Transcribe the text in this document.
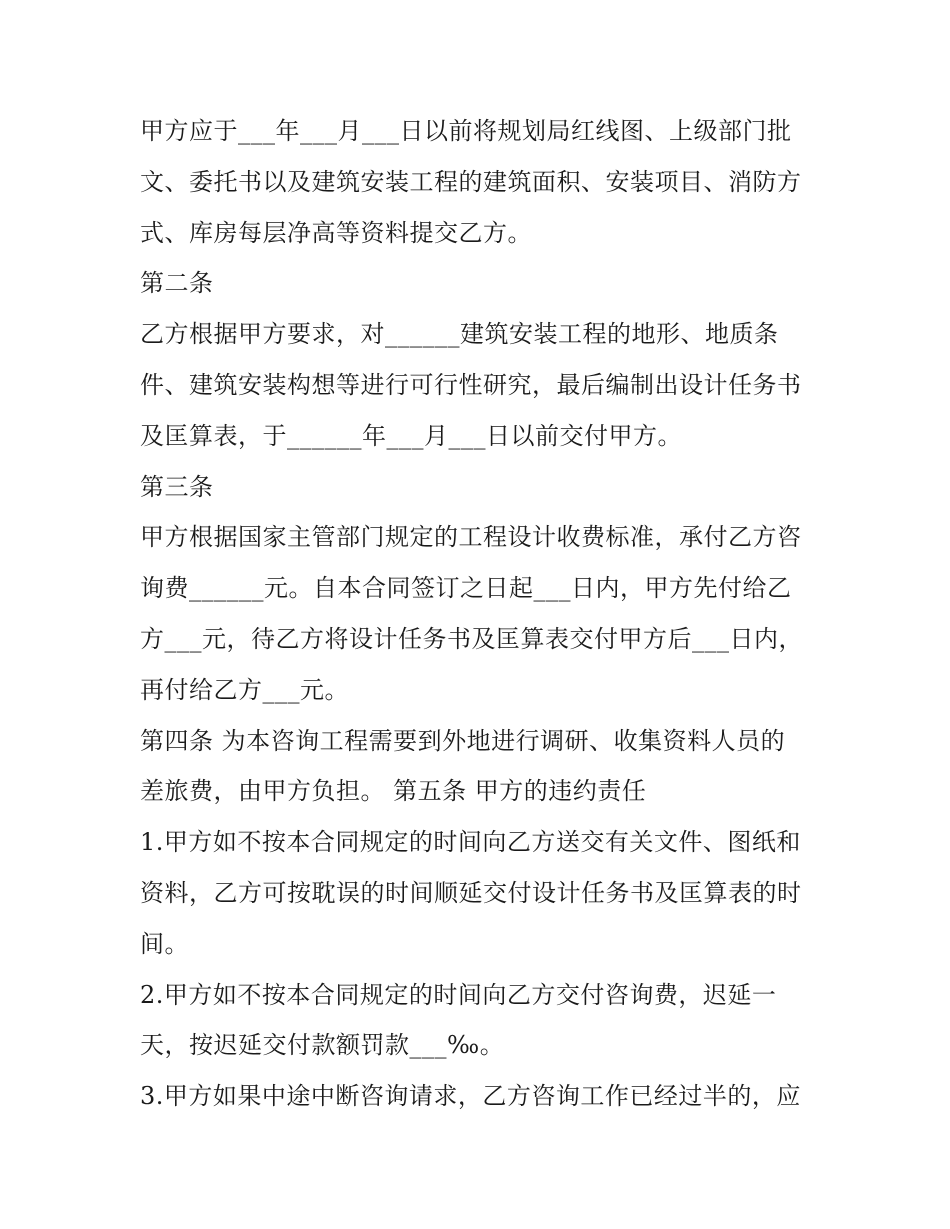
甲方应于___年___月___日以前将规划局红线图、上级部门批
文、委托书以及建筑安装工程的建筑面积、安装项目、消防方
式、库房每层净高等资料提交乙方。
第二条
乙方根据甲方要求，对______建筑安装工程的地形、地质条
件、建筑安装构想等进行可行性研究，最后编制出设计任务书
及匡算表，于______年___月___日以前交付甲方。
第三条
甲方根据国家主管部门规定的工程设计收费标准，承付乙方咨
询费______元。自本合同签订之日起___日内，甲方先付给乙
方___元，待乙方将设计任务书及匡算表交付甲方后___日内，
再付给乙方___元。
第四条 为本咨询工程需要到外地进行调研、收集资料人员的
差旅费，由甲方负担。 第五条 甲方的违约责任
1.甲方如不按本合同规定的时间向乙方送交有关文件、图纸和
资料，乙方可按耽误的时间顺延交付设计任务书及匡算表的时
间。
2.甲方如不按本合同规定的时间向乙方交付咨询费，迟延一
天，按迟延交付款额罚款___‰。
3.甲方如果中途中断咨询请求，乙方咨询工作已经过半的，应
